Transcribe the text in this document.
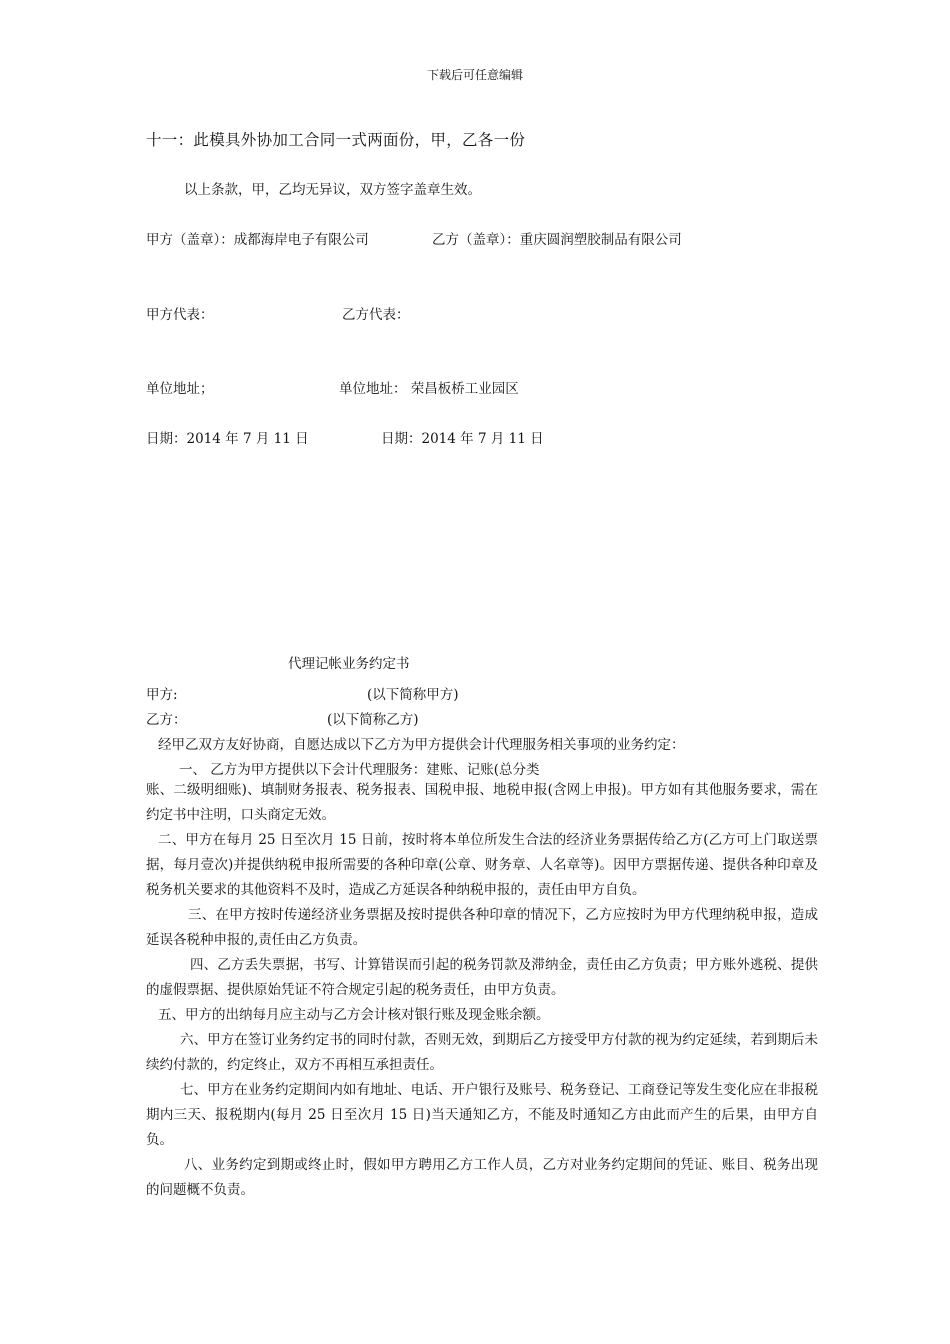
下载后可任意编辑
十一：此模具外协加工合同一式两面份，甲，乙各一份
以上条款，甲，乙均无异议，双方签字盖章生效。
甲方（盖章）：成都海岸电子有限公司	乙方（盖章）：重庆圆润塑胶制品有限公司
甲方代表：	乙方代表：
单位地址；	单位地址： 荣昌板桥工业园区
日期：2014 年 7 月 11 日	日期：2014 年 7 月 11 日
代理记帐业务约定书
甲方:	(以下简称甲方)
乙方：	(以下简称乙方)
经甲乙双方友好协商，自愿达成以下乙方为甲方提供会计代理服务相关事项的业务约定：
一、 乙方为甲方提供以下会计代理服务：建账、记账(总分类
账、二级明细账)、填制财务报表、税务报表、国税申报、地税申报(含网上申报)。甲方如有其他服务要求，需在约定书中注明，口头商定无效。
二、甲方在每月 25 日至次月 15 日前，按时将本单位所发生合法的经济业务票据传给乙方(乙方可上门取送票据，每月壹次)并提供纳税申报所需要的各种印章(公章、财务章、人名章等)。因甲方票据传递、提供各种印章及税务机关要求的其他资料不及时，造成乙方延误各种纳税申报的，责任由甲方自负。
三、在甲方按时传递经济业务票据及按时提供各种印章的情况下，乙方应按时为甲方代理纳税申报，造成延误各税种申报的,责任由乙方负责。
四、乙方丢失票据，书写、计算错误而引起的税务罚款及滞纳金，责任由乙方负责；甲方账外逃税、提供的虚假票据、提供原始凭证不符合规定引起的税务责任，由甲方负责。
五、甲方的出纳每月应主动与乙方会计核对银行账及现金账余额。
六、甲方在签订业务约定书的同时付款，否则无效，到期后乙方接受甲方付款的视为约定延续，若到期后未续约付款的，约定终止，双方不再相互承担责任。
七、甲方在业务约定期间内如有地址、电话、开户银行及账号、税务登记、工商登记等发生变化应在非报税期内三天、报税期内(每月 25 日至次月 15 日)当天通知乙方，不能及时通知乙方由此而产生的后果，由甲方自负。
八、业务约定到期或终止时，假如甲方聘用乙方工作人员，乙方对业务约定期间的凭证、账目、税务出现的问题概不负责。
